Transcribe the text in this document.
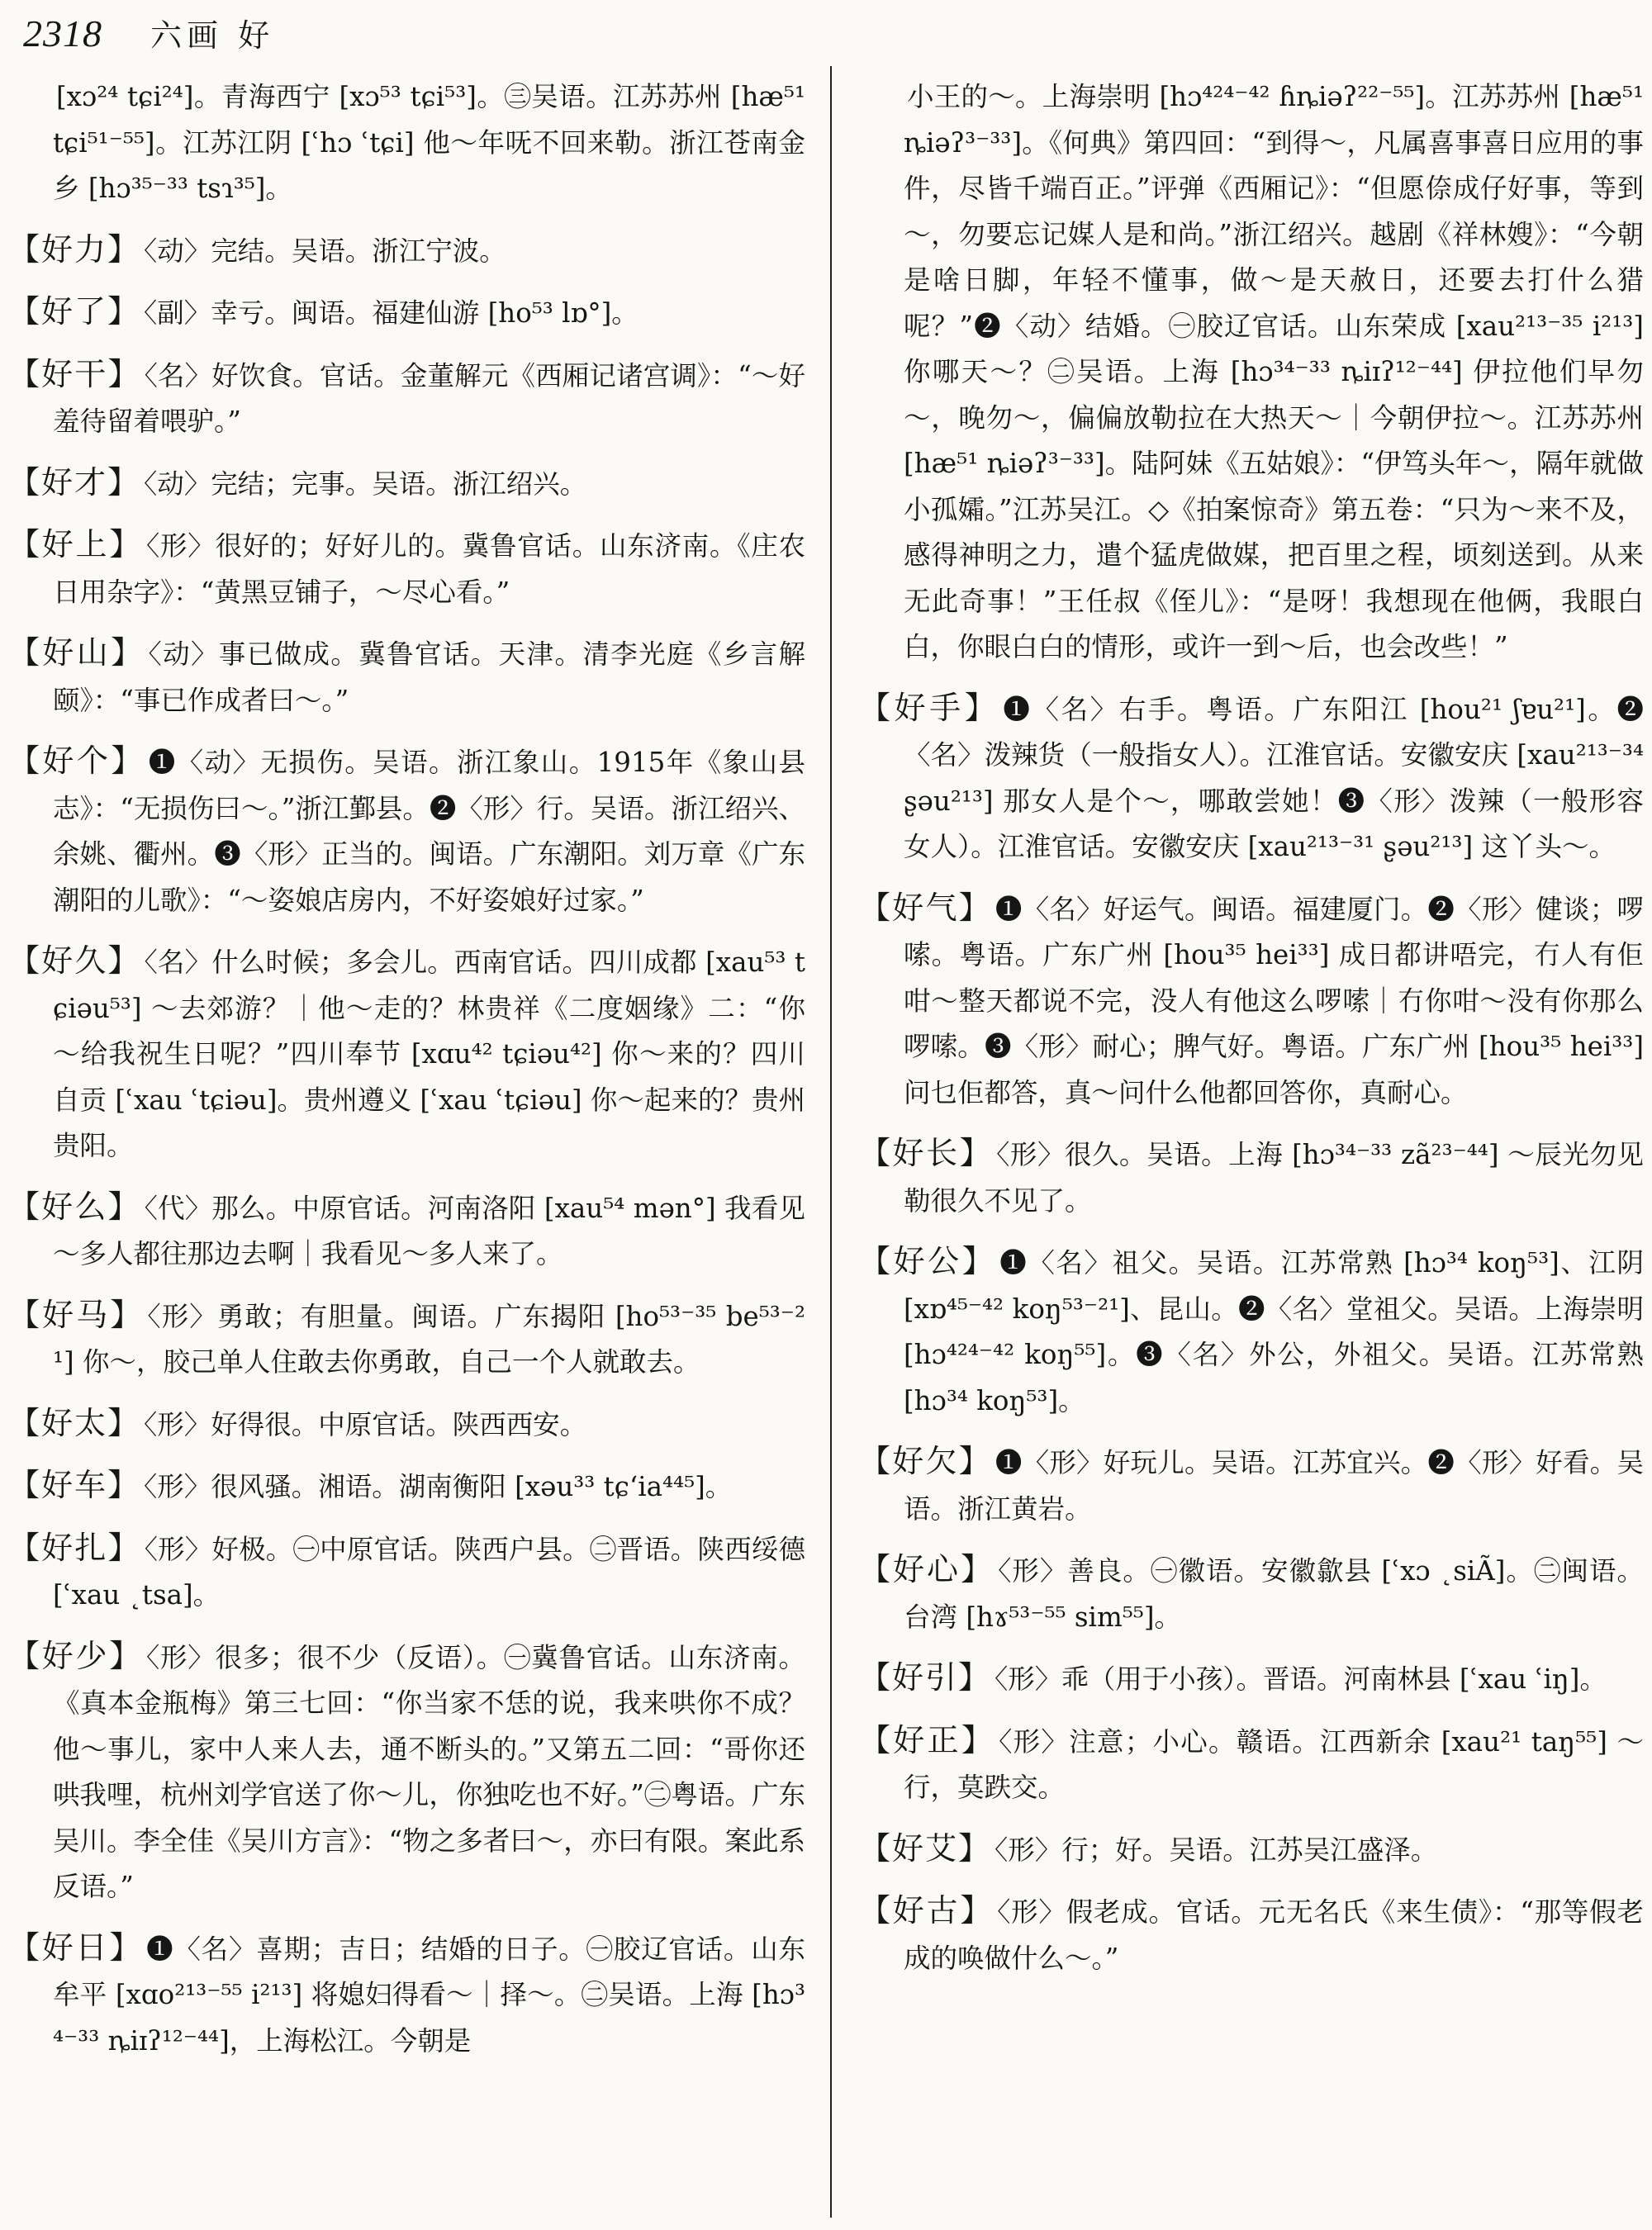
2318 六画 好

[xɔ²⁴ tɕi²⁴]。青海西宁 [xɔ⁵³ tɕi⁵³]。㊂吴语。江苏苏州 [hæ⁵¹ tɕi⁵¹⁻⁵⁵]。江苏江阴 [ʿhɔ ʿtɕi] 他～年呒不回来勒。浙江苍南金乡 [hɔ³⁵⁻³³ tsɿ³⁵]。

【好力】 〈动〉完结。吴语。浙江宁波。

【好了】 〈副〉幸亏。闽语。福建仙游 [ho⁵³ lɒ°]。

【好干】 〈名〉好饮食。官话。金董解元《西厢记诸宫调》：“～好羞待留着喂驴。”

【好才】 〈动〉完结；完事。吴语。浙江绍兴。

【好上】 〈形〉很好的；好好儿的。冀鲁官话。山东济南。《庄农日用杂字》：“黄黑豆铺子，～尽心看。”

【好山】 〈动〉事已做成。冀鲁官话。天津。清李光庭《乡言解颐》：“事已作成者曰～。”

【好个】 ❶〈动〉无损伤。吴语。浙江象山。1915年《象山县志》：“无损伤曰～。”浙江鄞县。❷〈形〉行。吴语。浙江绍兴、余姚、衢州。❸〈形〉正当的。闽语。广东潮阳。刘万章《广东潮阳的儿歌》：“～姿娘店房内，不好姿娘好过家。”

【好久】 〈名〉什么时候；多会儿。西南官话。四川成都 [xau⁵³ tɕiəu⁵³] ～去郊游？｜他～走的？林贵祥《二度姻缘》二：“你～给我祝生日呢？”四川奉节 [xɑu⁴² tɕiəu⁴²] 你～来的？四川自贡 [ʿxau ʿtɕiəu]。贵州遵义 [ʿxau ʿtɕiəu] 你～起来的？贵州贵阳。

【好么】 〈代〉那么。中原官话。河南洛阳 [xau⁵⁴ mən°] 我看见～多人都往那边去啊｜我看见～多人来了。

【好马】 〈形〉勇敢；有胆量。闽语。广东揭阳 [ho⁵³⁻³⁵ be⁵³⁻²¹] 你～，胶己单人住敢去你勇敢，自己一个人就敢去。

【好太】 〈形〉好得很。中原官话。陕西西安。

【好车】 〈形〉很风骚。湘语。湖南衡阳 [xəu³³ tɕʻia⁴⁴⁵]。

【好扎】 〈形〉好极。㊀中原官话。陕西户县。㊁晋语。陕西绥德 [ʿxau ˛tsa]。

【好少】 〈形〉很多；很不少（反语）。㊀冀鲁官话。山东济南。《真本金瓶梅》第三七回：“你当家不恁的说，我来哄你不成？他～事儿，家中人来人去，通不断头的。”又第五二回：“哥你还哄我哩，杭州刘学官送了你～儿，你独吃也不好。”㊁粤语。广东吴川。李全佳《吴川方言》：“物之多者曰～，亦曰有限。案此系反语。”

【好日】 ❶〈名〉喜期；吉日；结婚的日子。㊀胶辽官话。山东牟平 [xɑo²¹³⁻⁵⁵ i²¹³] 将媳妇得看～｜择～。㊁吴语。上海 [hɔ³⁴⁻³³ ȵiɪʔ¹²⁻⁴⁴]，上海松江。今朝是

小王的～。上海崇明 [hɔ⁴²⁴⁻⁴² ɦȵiəʔ²²⁻⁵⁵]。江苏苏州 [hæ⁵¹ ȵiəʔ³⁻³³]。《何典》第四回：“到得～，凡属喜事喜日应用的事件，尽皆千端百正。”评弹《西厢记》：“但愿倷成仔好事，等到～，勿要忘记媒人是和尚。”浙江绍兴。越剧《祥林嫂》：“今朝是啥日脚，年轻不懂事，做～是天赦日，还要去打什么猎呢？”❷〈动〉结婚。㊀胶辽官话。山东荣成 [xau²¹³⁻³⁵ i²¹³] 你哪天～？㊁吴语。上海 [hɔ³⁴⁻³³ ȵiɪʔ¹²⁻⁴⁴] 伊拉他们早勿～，晚勿～，偏偏放勒拉在大热天～｜今朝伊拉～。江苏苏州 [hæ⁵¹ ȵiəʔ³⁻³³]。陆阿妹《五姑娘》：“伊笃头年～，隔年就做小孤孀。”江苏吴江。◇《拍案惊奇》第五卷：“只为～来不及，感得神明之力，遣个猛虎做媒，把百里之程，顷刻送到。从来无此奇事！”王任叔《侄儿》：“是呀！我想现在他俩，我眼白白，你眼白白的情形，或许一到～后，也会改些！”

【好手】 ❶〈名〉右手。粤语。广东阳江 [hou²¹ ʃɐu²¹]。❷〈名〉泼辣货（一般指女人）。江淮官话。安徽安庆 [xau²¹³⁻³⁴ ʂəu²¹³] 那女人是个～，哪敢尝她！❸〈形〉泼辣（一般形容女人）。江淮官话。安徽安庆 [xau²¹³⁻³¹ ʂəu²¹³] 这丫头～。

【好气】 ❶〈名〉好运气。闽语。福建厦门。❷〈形〉健谈；啰嗦。粤语。广东广州 [hou³⁵ hei³³] 成日都讲唔完，冇人有佢咁～整天都说不完，没人有他这么啰嗦｜冇你咁～没有你那么啰嗦。❸〈形〉耐心；脾气好。粤语。广东广州 [hou³⁵ hei³³] 问乜佢都答，真～问什么他都回答你，真耐心。

【好长】 〈形〉很久。吴语。上海 [hɔ³⁴⁻³³ zã²³⁻⁴⁴] ～辰光勿见勒很久不见了。

【好公】 ❶〈名〉祖父。吴语。江苏常熟 [hɔ³⁴ koŋ⁵³]、江阴 [xɒ⁴⁵⁻⁴² koŋ⁵³⁻²¹]、昆山。❷〈名〉堂祖父。吴语。上海崇明 [hɔ⁴²⁴⁻⁴² koŋ⁵⁵]。❸〈名〉外公，外祖父。吴语。江苏常熟 [hɔ³⁴ koŋ⁵³]。

【好欠】 ❶〈形〉好玩儿。吴语。江苏宜兴。❷〈形〉好看。吴语。浙江黄岩。

【好心】 〈形〉善良。㊀徽语。安徽歙县 [ʿxɔ ˛siÃ]。㊁闽语。台湾 [hɤ⁵³⁻⁵⁵ sim⁵⁵]。

【好引】 〈形〉乖（用于小孩）。晋语。河南林县 [ʿxau ʿiŋ]。

【好正】 〈形〉注意；小心。赣语。江西新余 [xau²¹ taŋ⁵⁵] ～行，莫跌交。

【好艾】 〈形〉行；好。吴语。江苏吴江盛泽。

【好古】 〈形〉假老成。官话。元无名氏《来生债》：“那等假老成的唤做什么～。”
